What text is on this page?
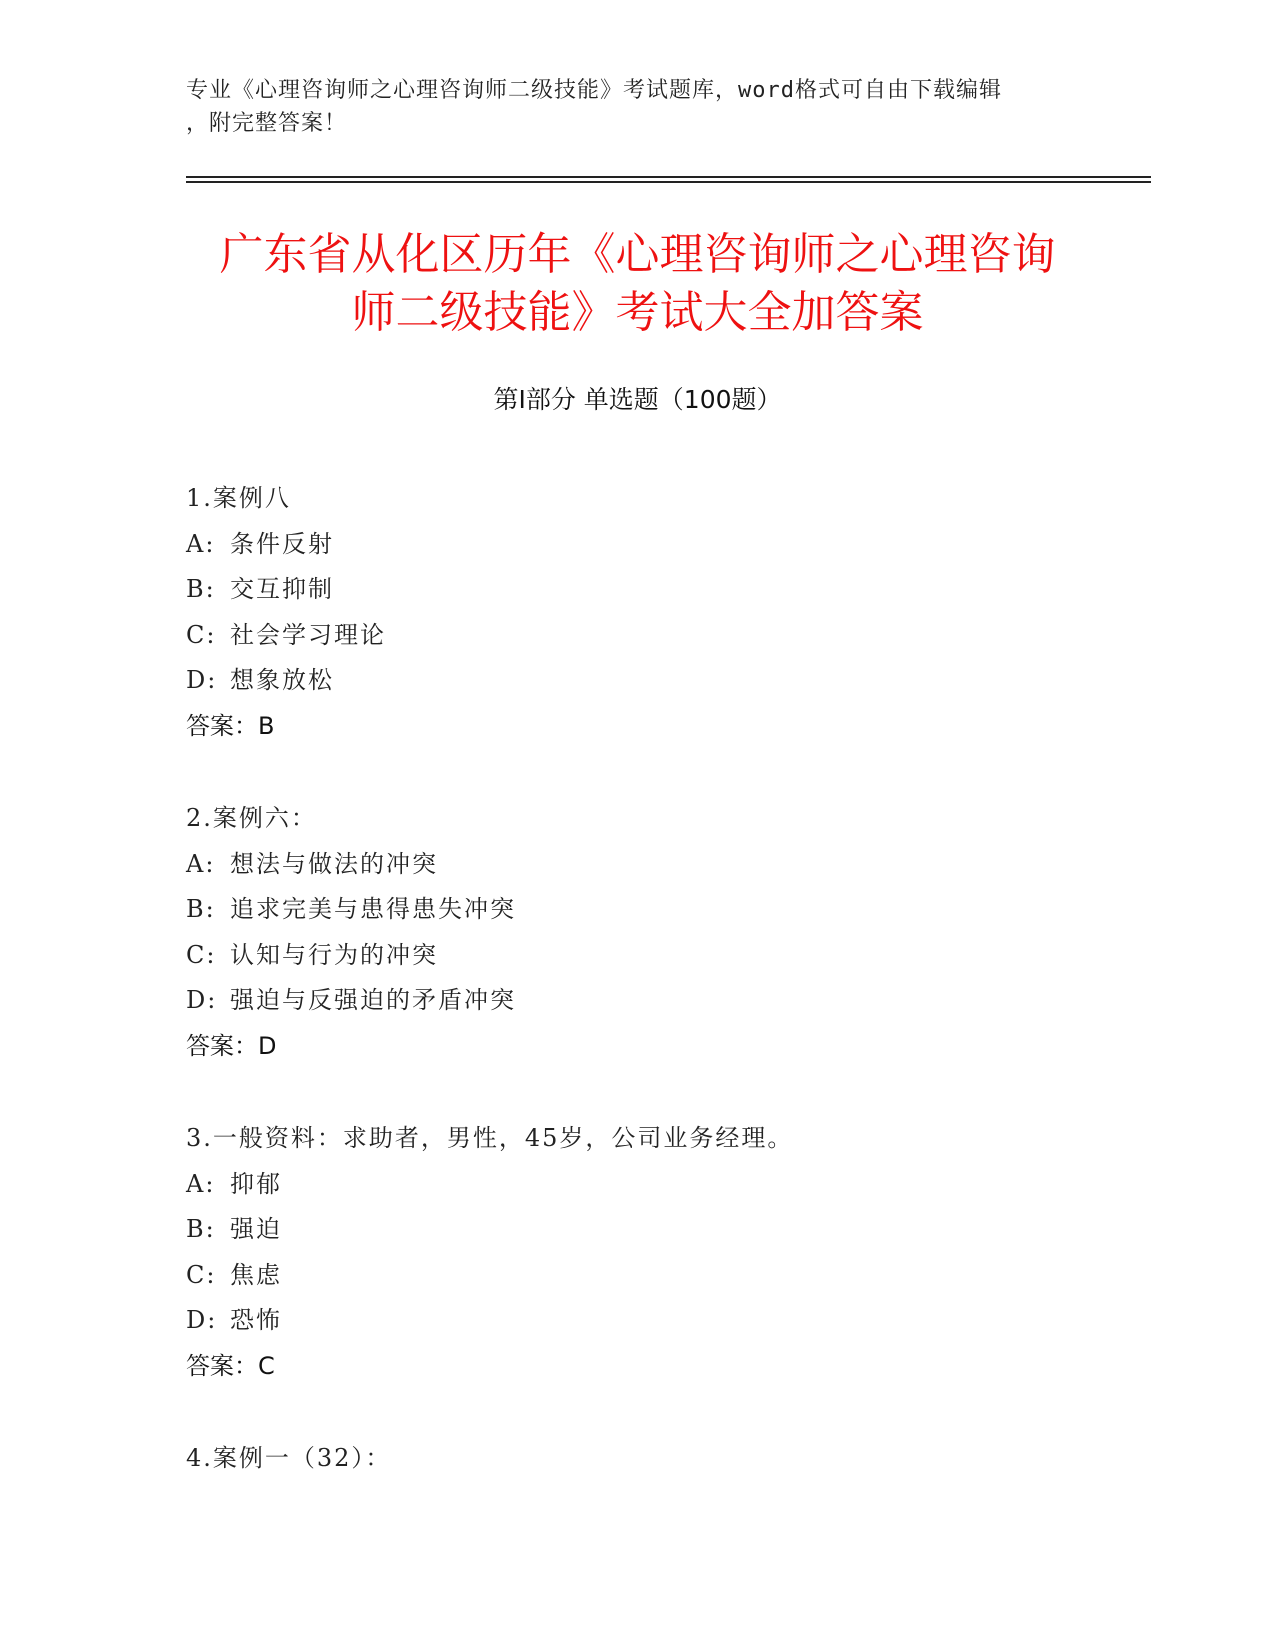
专业《心理咨询师之心理咨询师二级技能》考试题库，word格式可自由下载编辑
，附完整答案！
广东省从化区历年《心理咨询师之心理咨询
师二级技能》考试大全加答案
第Ⅰ部分 单选题（100题）
1.案例八
A: 条件反射
B: 交互抑制
C: 社会学习理论
D: 想象放松
答案：B
2.案例六：
A: 想法与做法的冲突
B: 追求完美与患得患失冲突
C: 认知与行为的冲突
D: 强迫与反强迫的矛盾冲突
答案：D
3.一般资料：求助者，男性，45岁，公司业务经理。
A: 抑郁
B: 强迫
C: 焦虑
D: 恐怖
答案：C
4.案例一（32）：
